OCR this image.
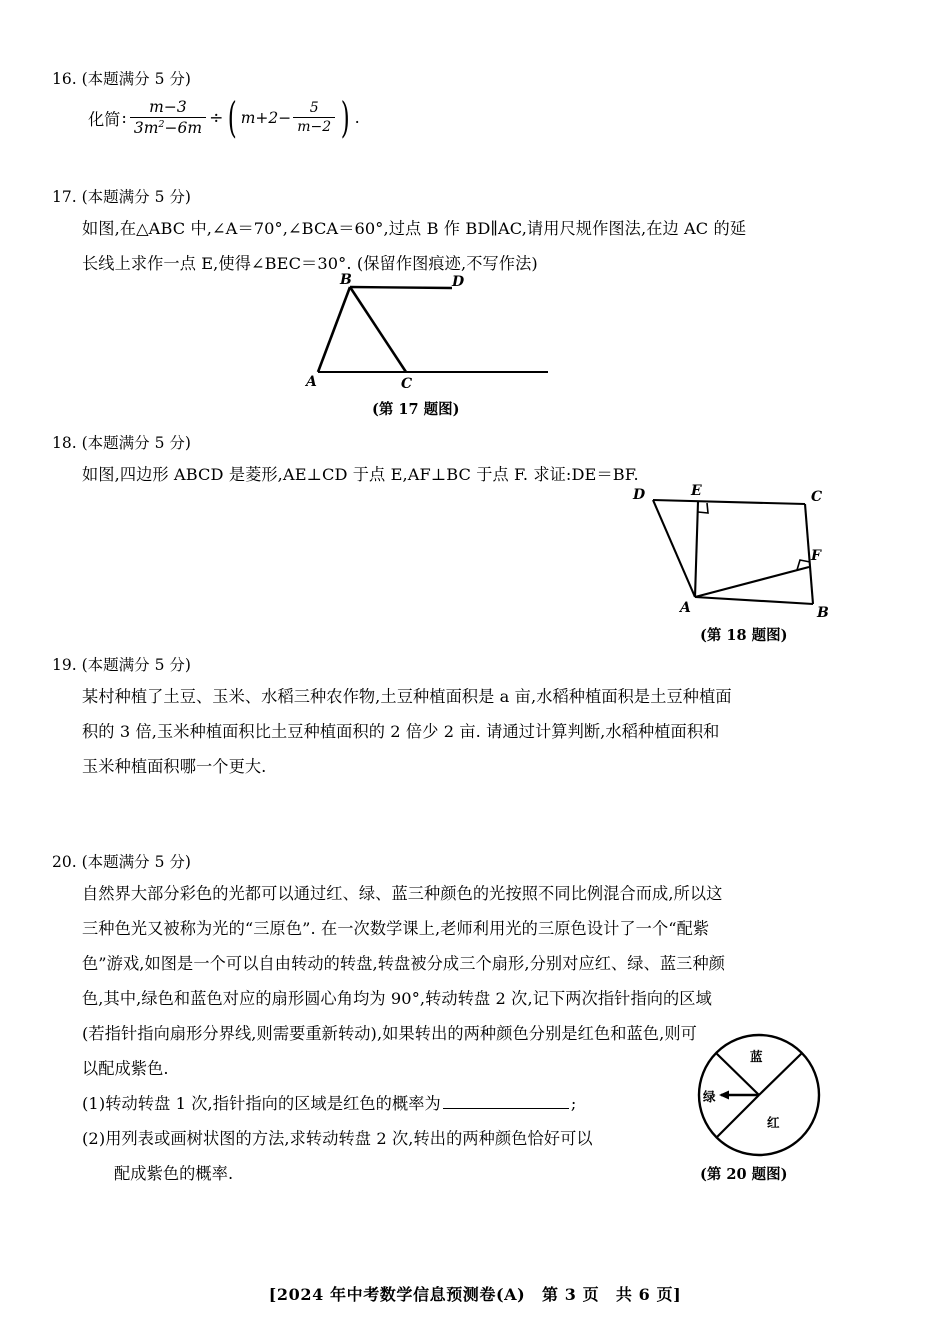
16. (本题满分 5 分)
化简 : $\frac{m-3}{3m^2-6m}$ ÷ ( $m+2- \frac{5}{m-2}$ ) .
17. (本题满分 5 分)
如图,在△ABC 中,∠A＝70°,∠BCA＝60°,过点 B 作 BD∥AC,请用尺规作图法,在边 AC 的延
长线上求作一点 E,使得∠BEC＝30°. (保留作图痕迹,不写作法)
A
B
C
D
(第 17 题图)
18. (本题满分 5 分)
如图,四边形 ABCD 是菱形,AE⊥CD 于点 E,AF⊥BC 于点 F. 求证:DE＝BF.
D	E	C
F
A	B
(第 18 题图)
19. (本题满分 5 分)
某村种植了土豆、玉米、水稻三种农作物,土豆种植面积是 a 亩,水稻种植面积是土豆种植面
积的 3 倍,玉米种植面积比土豆种植面积的 2 倍少 2 亩. 请通过计算判断,水稻种植面积和
玉米种植面积哪一个更大.
20. (本题满分 5 分)
自然界大部分彩色的光都可以通过红、绿、蓝三种颜色的光按照不同比例混合而成,所以这
三种色光又被称为光的“三原色”. 在一次数学课上,老师利用光的三原色设计了一个“配紫
色”游戏,如图是一个可以自由转动的转盘,转盘被分成三个扇形,分别对应红、绿、蓝三种颜
色,其中,绿色和蓝色对应的扇形圆心角均为 90°,转动转盘 2 次,记下两次指针指向的区域
(若指针指向扇形分界线,则需要重新转动),如果转出的两种颜色分别是红色和蓝色,则可
以配成紫色.
(1)转动转盘 1 次,指针指向的区域是红色的概率为	;
(2)用列表或画树状图的方法,求转动转盘 2 次,转出的两种颜色恰好可以
配成紫色的概率.
蓝
绿
红
(第 20 题图)
[2024 年中考数学信息预测卷(A)　第 3 页　共 6 页]
